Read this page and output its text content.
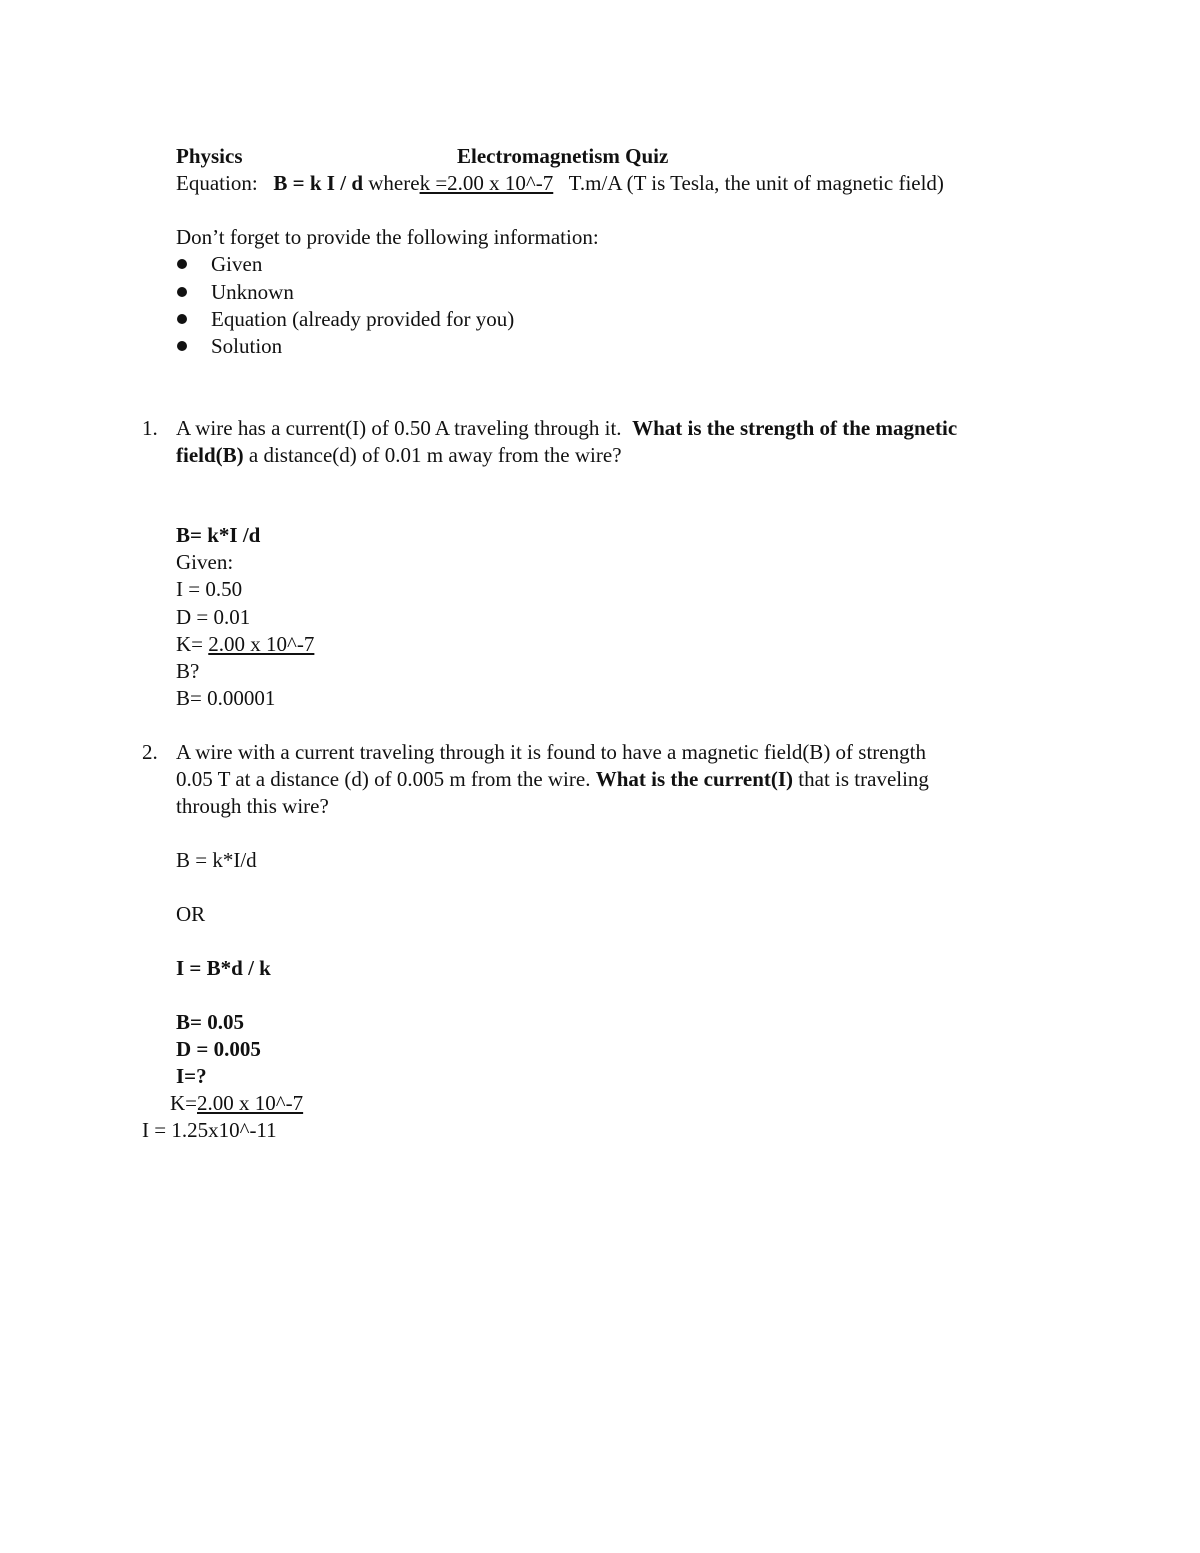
Physics	Electromagnetism Quiz
Equation: B = k I / d wherek =2.00 x 10^-7 T.m/A (T is Tesla, the unit of magnetic field)
Don’t forget to provide the following information:
Given
Unknown
Equation (already provided for you)
Solution
1. A wire has a current(I) of 0.50 A traveling through it. What is the strength of the magnetic
field(B) a distance(d) of 0.01 m away from the wire?
B= k*I /d
Given:
I = 0.50
D = 0.01
K= 2.00 x 10^-7
B?
B= 0.00001
2. A wire with a current traveling through it is found to have a magnetic field(B) of strength
0.05 T at a distance (d) of 0.005 m from the wire. What is the current(I) that is traveling
through this wire?
B = k*I/d
OR
I = B*d / k
B= 0.05
D = 0.005
I=?
K=2.00 x 10^-7
I = 1.25x10^-11
